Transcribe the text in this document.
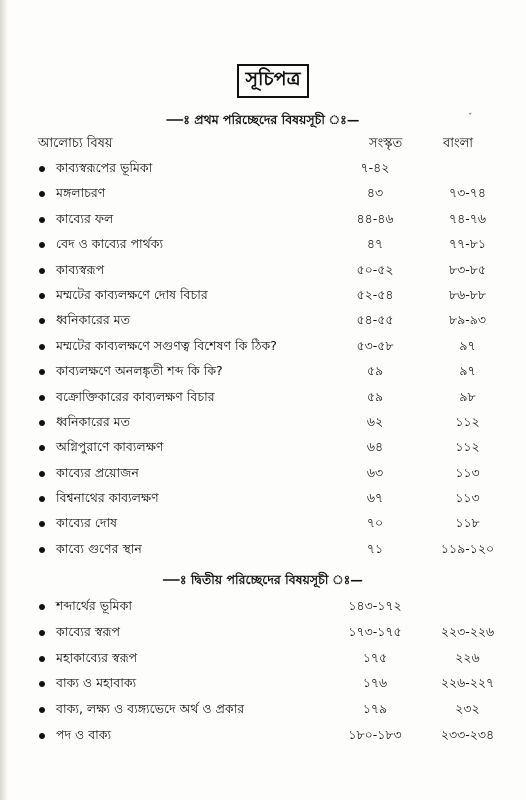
সূচিপত্র
—ঃ প্রথম পরিচ্ছেদের বিষয়সূচী ঃ—	ˇ
আলোচ্য বিষয়	সংস্কৃত	বাংলা
কাব্যস্বরূপের ভূমিকা	৭-৪২
মঙ্গলাচরণ	৪৩	৭৩-৭৪
কাব্যের ফল	৪৪-৪৬	৭৪-৭৬
বেদ ও কাব্যের পার্থক্য	৪৭	৭৭-৮১
কাব্যস্বরূপ	৫০-৫২	৮৩-৮৫
মম্মটের কাব্যলক্ষণে দোষ বিচার	৫২-৫৪	৮৬-৮৮
ধ্বনিকারের মত	৫৪-৫৫	৮৯-৯৩
মম্মটের কাব্যলক্ষণে সগুণত্ব বিশেষণ কি ঠিক?	৫৩-৫৮	৯৭
কাব্যলক্ষণে অনলঙ্কৃতী শব্দ কি কি?	৫৯	৯৭
বক্রোক্তিকারের কাব্যলক্ষণ বিচার	৫৯	৯৮
ধ্বনিকারের মত	৬২	১১২
অগ্নিপুরাণে কাব্যলক্ষণ	৬৪	১১২
কাব্যের প্রয়োজন	৬৩	১১৩
বিশ্বনাথের কাব্যলক্ষণ	৬৭	১১৩
কাব্যের দোষ	৭০	১১৮
কাব্যে গুণের স্থান	৭১	১১৯-১২০
—ঃ দ্বিতীয় পরিচ্ছেদের বিষয়সূচী ঃ—
শব্দার্থের ভূমিকা	১৪৩-১৭২
কাব্যের স্বরূপ	১৭৩-১৭৫	২২৩-২২৬
মহাকাব্যের স্বরূপ	১৭৫	২২৬
বাক্য ও মহাবাক্য	১৭৬	২২৬-২২৭
বাক্য, লক্ষ্য ও ব্যঙ্গ্যভেদে অর্থ ও প্রকার	১৭৯	২৩২
পদ ও বাক্য	১৮০-১৮৩	২৩৩-২৩৪
